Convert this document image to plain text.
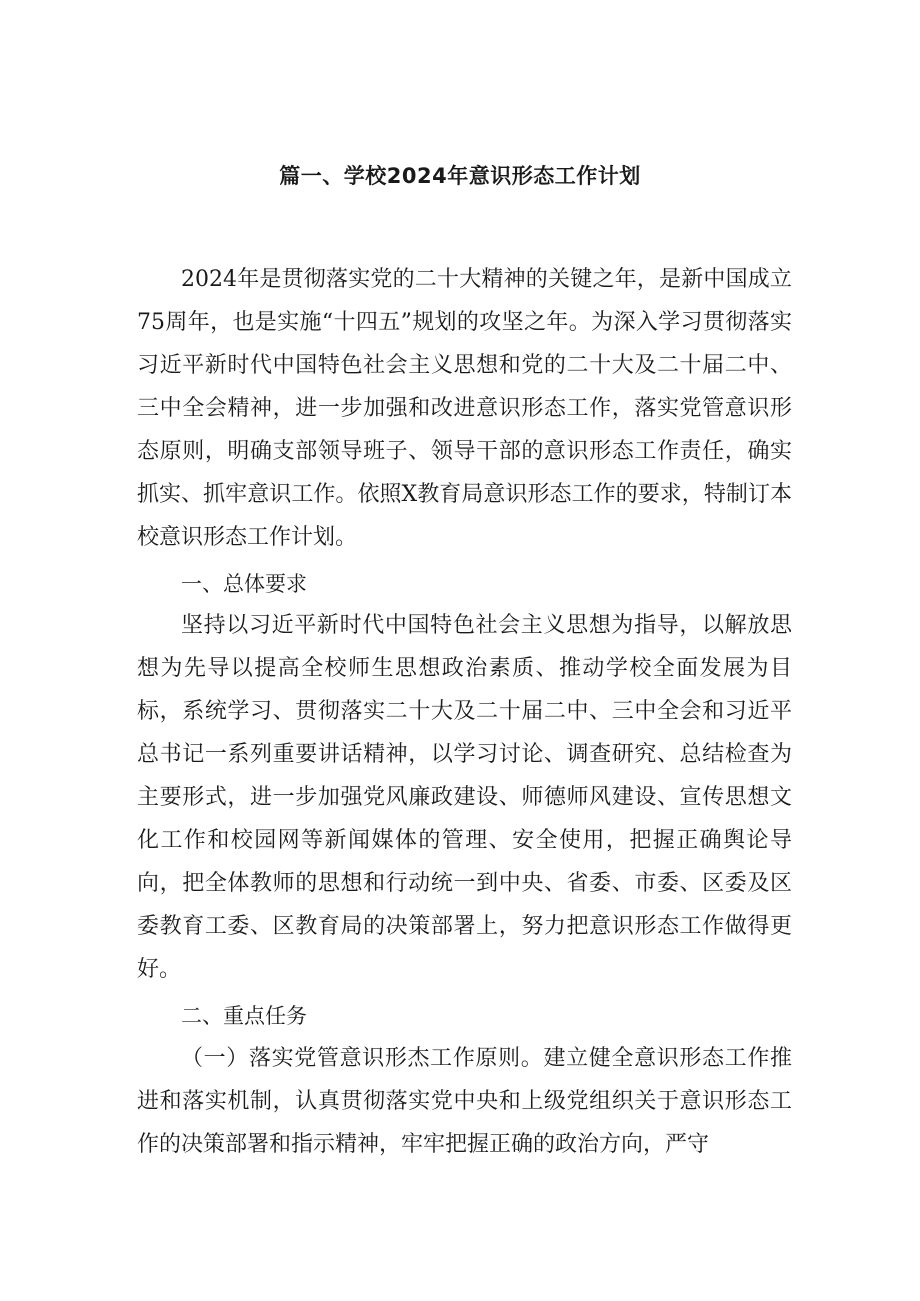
篇一、学校2024年意识形态工作计划
2024年是贯彻落实党的二十大精神的关键之年，是新中国成立75周年，也是实施“十四五”规划的攻坚之年。为深入学习贯彻落实习近平新时代中国特色社会主义思想和党的二十大及二十届二中、三中全会精神，进一步加强和改进意识形态工作，落实党管意识形态原则，明确支部领导班子、领导干部的意识形态工作责任，确实抓实、抓牢意识工作。依照X教育局意识形态工作的要求，特制订本校意识形态工作计划。
一、总体要求
坚持以习近平新时代中国特色社会主义思想为指导，以解放思想为先导以提高全校师生思想政治素质、推动学校全面发展为目标，系统学习、贯彻落实二十大及二十届二中、三中全会和习近平总书记一系列重要讲话精神，以学习讨论、调查研究、总结检查为主要形式，进一步加强党风廉政建设、师德师风建设、宣传思想文化工作和校园网等新闻媒体的管理、安全使用，把握正确舆论导向，把全体教师的思想和行动统一到中央、省委、市委、区委及区委教育工委、区教育局的决策部署上，努力把意识形态工作做得更好。
二、重点任务
（一）落实党管意识形杰工作原则。建立健全意识形态工作推进和落实机制，认真贯彻落实党中央和上级党组织关于意识形态工作的决策部署和指示精神，牢牢把握正确的政治方向，严守
